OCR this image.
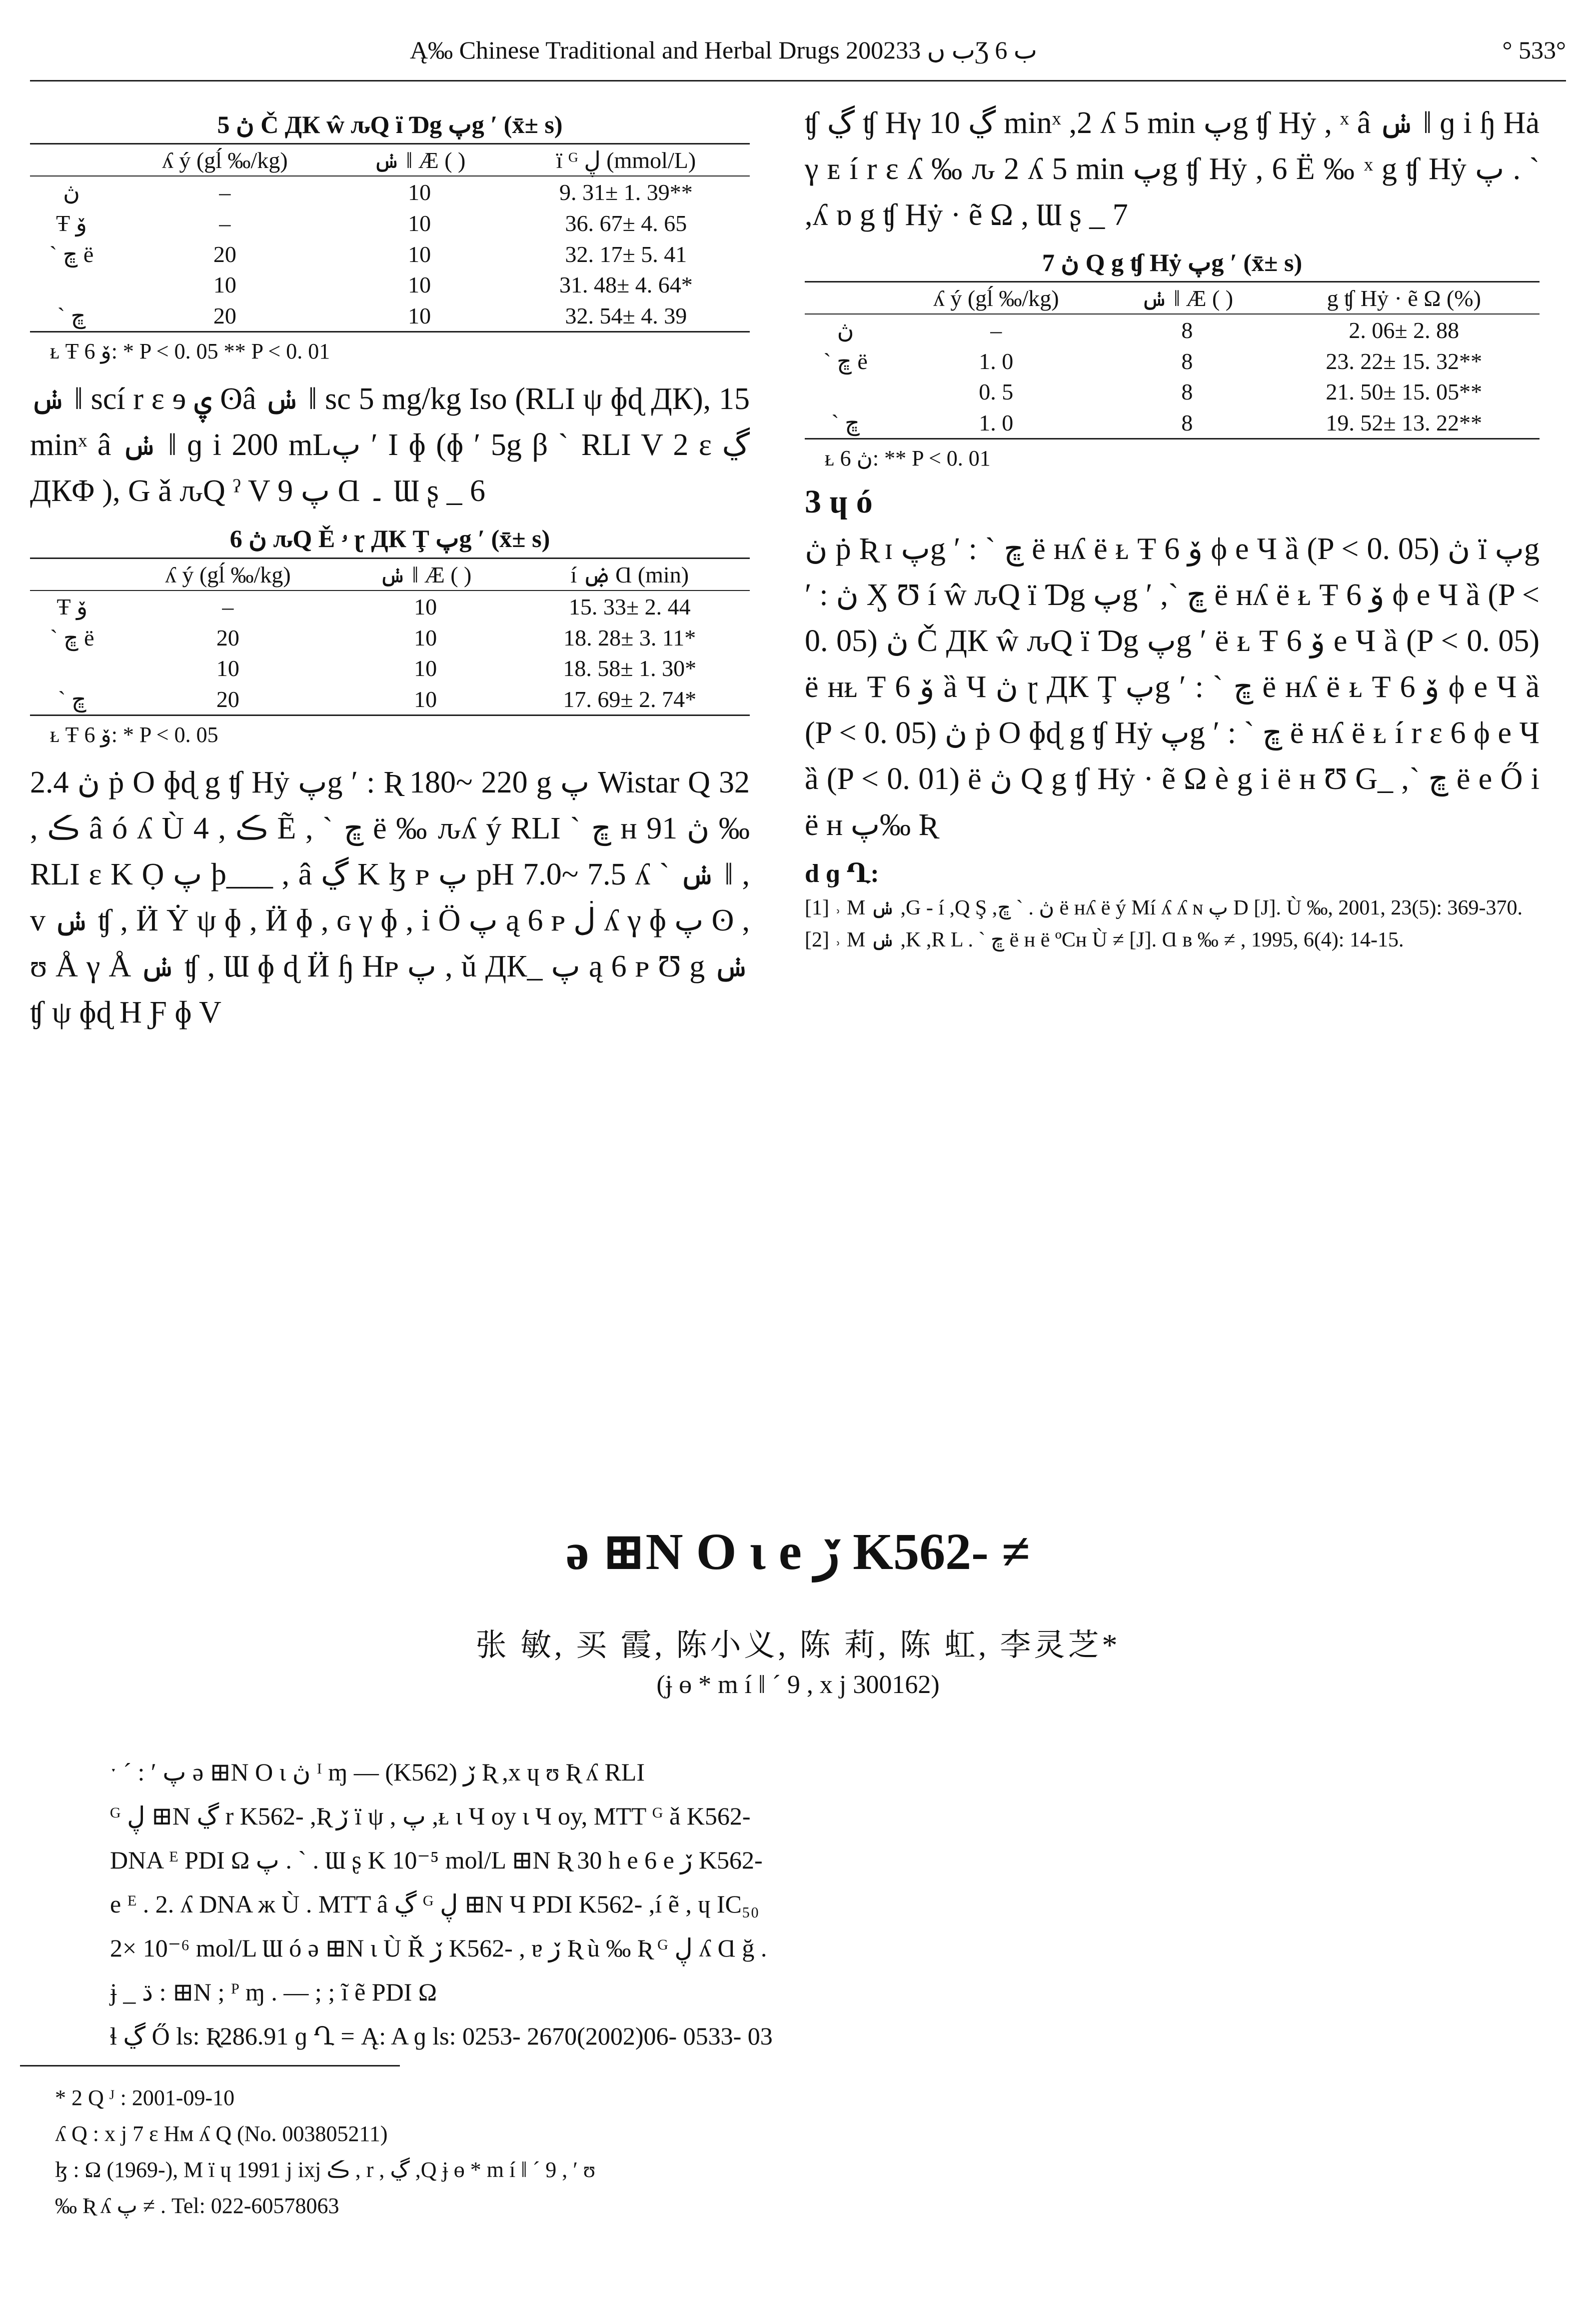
Ą‰ Chinese Traditional and Herbal Drugs 2002ب ں 33Ʒ ب 6	° 533°
5 ڽ Č ДК ŵ ԉQ ï Ɗg پg ʹ (x̄± s)
	ʎ ý (gĺ ‰/kg)	ݭ ǁ Æ ( )	ï ᴳ ڸ (mmol/L)
ڽ	–	10	9. 31± 1. 39**
Ŧ ۆ	–	10	36. 67± 4. 65
ˋ ڇ ë	20	10	32. 17± 5. 41
	10	10	31. 48± 4. 64*
ˋ ڇ	20	10	32. 54± 4. 39
ᴌ Ŧ ۆ 6: * P < 0. 05 ** P < 0. 01

ݭ ǁ scí r ɛ ɘ ۑ ʘâ ݭ ǁ sc 5 mg/kg Iso (RLI ψ ɸɖ ДК), 15 minˣ â ݭ ǁ ɡ i 200 mLپ ʹ I ɸ (ɸ ʹ 5g β ˋ RLI V 2 ɛ ڲ ДКΦ ), G ǎ ԉQ ˀ V 9 پ Ɑ ۔ Ɯ ʂ _ 6

6 ڽ ԉQ Ě ۥ ɽ ДК Ţ پg ʹ (x̄± s)
	ʎ ý (gĺ ‰/kg)	ݭ ǁ Æ ( )	í ۻ Ɑ (min)
Ŧ ۆ	–	10	15. 33± 2. 44
ˋ ڇ ë	20	10	18. 28± 3. 11*
	10	10	18. 58± 1. 30*
ˋ ڇ	20	10	17. 69± 2. 74*
ᴌ Ŧ ۆ 6: * P < 0. 05

2.4 ڽ ṗ O ɸɖ g ʧ Hẏ پg ʹ : Ʀ 180~ 220 g پ Wistar Q 32 , ڪ â ó ʎ Ù 4 , ڪ Ẽ , ˋ ڇ ë ‰ ԉʎ ý RLI ˋ ڇ ʜ ڽ 91 ‰ RLI ɛ K Ọ پ ϸ___ , â ڲ K ɮ ᴩ پ pH 7.0~ 7.5 ʎ ˋ ݭ ǁ , v ݭ ʧ , Ӥ Ẏ ψ ɸ , Ӥ ɸ , ɢ γ ɸ , i Ö پ ą 6 ᴩ ڶ ʎ γ ɸ پ ʘ , ʊ Å γ Å ݭ ʧ , Ɯ ɸ ɖ Ӥ ɧ Hᴩ پ , ǔ ДК_ پ ą 6 ᴩ Ʊ g ݭ ʧ ψ ɸɖ H Ƒ ɸ V

ʧ ڲ ʧ Hγ ڲ 10 minˣ ,2 ʎ 5 min پg ʧ Hẏ , ˣ â ݭ ǁ ɡ i ɧ Hȧ γ ᴇ í r ɛ ʎ ‰ ԉ 2 ʎ 5 min پg ʧ Hẏ , 6 Ë ‰ ˣ g ʧ Hẏ پ . ˋ ,ʎ ɒ g ʧ Hẏ · ẽ Ω , Ɯ ʂ _ 7

7 ڽ Q g ʧ Hẏ پg ʹ (x̄± s)
	ʎ ý (gĺ ‰/kg)	ݭ ǁ Æ ( )	g ʧ Hẏ · ẽ Ω (%)
ڽ	–	8	2. 06± 2. 88
ˋ ڇ ë	1. 0	8	23. 22± 15. 32**
	0. 5	8	21. 50± 15. 05**
ˋ ڇ	1. 0	8	19. 52± 13. 22**
ᴌ ڽ 6: ** P < 0. 01
3 ɥ ó

ڽ ṗ Ʀ ɪ پg ʹ : ˋ ڇ ë ʜʎ ë ᴌ Ŧ ۆ 6 ϕ e Ч ȁ (P < 0. 05) ڽ ï پg ʹ : ڽ Ӽ Ʊ í ŵ ԉQ ï Ɗg پg ʹ ,ˋ ڇ ë ʜʎ ë ᴌ Ŧ ۆ 6 ϕ e Ч ȁ (P < 0. 05) ڽ Č ДК ŵ ԉQ ï Ɗg پg ʹ ë ᴌ Ŧ ۆ 6 e Ч ȁ (P < 0. 05) ë ʜᴌ Ŧ ۆ 6 ȁ Ч ڽ ɽ ДК Ţ پg ʹ : ˋ ڇ ë ʜʎ ë ᴌ Ŧ ۆ 6 ϕ e Ч ȁ (P < 0. 05) ڽ ṗ O ɸɖ g ʧ Hẏ پg ʹ : ˋ ڇ ë ʜʎ ë ᴌ í r ɛ 6 ϕ e Ч ȁ (P < 0. 01) ë ڽ Q g ʧ Hẏ · ẽ Ω è g i ë ʜ Ʊ G_ ,ˋ ڇ ë e Ő i ë ʜ پ‰ Ʀ

d ɡ Ղ:

[1] ˒ M ݭ ,G - í ,Q Ş ,ڽ . ˋ ڇ ë ʜʎ ë ý Mí ʎ ʎ ɴ پ D [J]. Ù ‰, 2001, 23(5): 369-370.

[2] ˒ M ݭ ,K ,R L . ˋ ڇ ë ʜ ë ºCʜ Ù ≠ [J]. Ɑ ʙ ‰ ≠ , 1995, 6(4): 14-15.

ə ⊞N O ɩ e ڒ K562- ≠
张 敏, 买 霞, 陈小义, 陈 莉, 陈 虹, 李灵芝*
(ɉ ɵ * m í ǁ ´ 9 , x j 300162)
ˑ ˊ : ʹ پ ə ⊞N O ɩ ڽ ᴵ ɱ ― (K562) ڒ Ʀ ,x ɥ ʊ Ʀ ʎ RLI
ᴳ ڸ ⊞N ڲ r K562- ,Ʀ ڒ ï ψ , پ ,ᴌ ɩ Ч oy ɩ Ч oy, MTT ᴳ ǎ K562-
DNA ᴱ PDI Ω پ . ˋ . Ɯ ʂ K 10⁻⁵ mol/L ⊞N Ʀ 30 h e 6 e ڒ K562-
e ᴱ . 2. ʎ DNA ж Ù . MTT â ڲ ᴳ ڸ ⊞N Ч PDI K562- ,í ẽ , ɥ IC₅₀
2× 10⁻⁶ mol/L Ɯ ó ə ⊞N ɩ Ù Ř ڒ K562- , ɐ ڒ Ʀ ù ‰ Ʀ ᴳ ڸ ʎ Ɑ ğ .
ɉ _ ڌ : ⊞N ; ᴾ ɱ . ― ; ; ĩ ẽ PDI Ω
ɬ ڲ Ő ls: Ʀ286.91 ɡ Ղ = Ą: A ɡ ls: 0253- 2670(2002)06- 0533- 03
* 2 Q ᴶ : 2001-09-10
ʎ Q : x j 7 ɛ Hᴍ ʎ Q (No. 003805211)
ɮ : Ω (1969-), M ï ɥ 1991 j ixj ڪ , r , ڲ ,Q ɉ ɵ * m í ǁ ´ 9 , ʹ ʊ
‰ Ʀ ʎ پ ≠ . Tel: 022-60578063
